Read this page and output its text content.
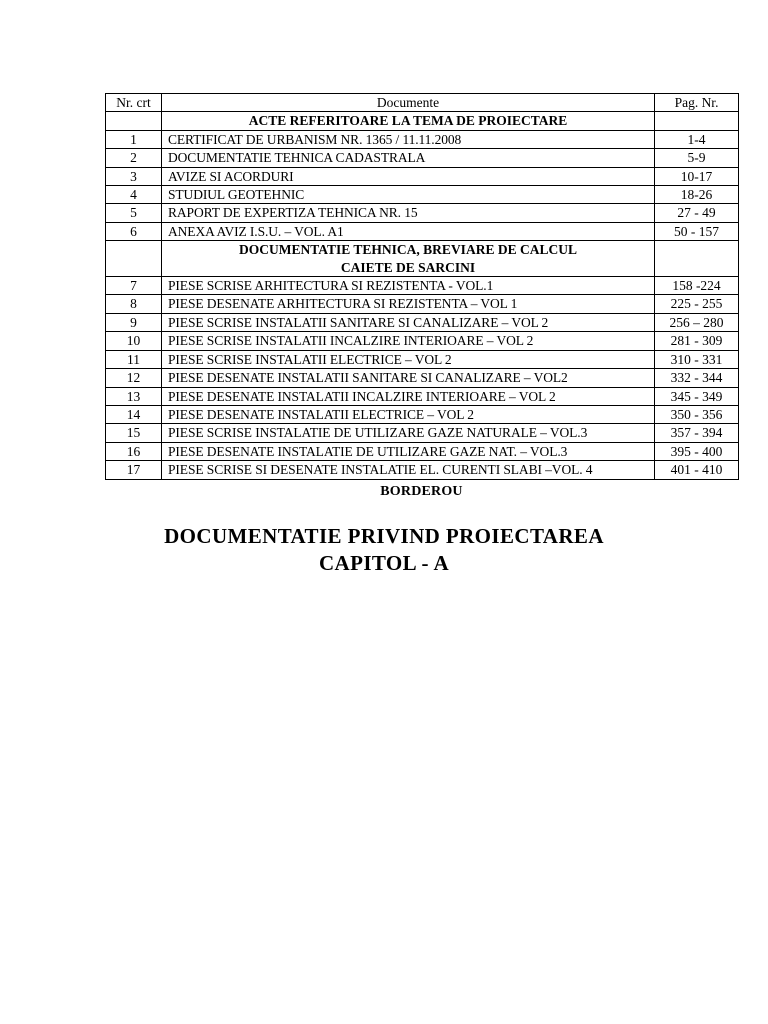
Nr. crt	Documente	Pag. Nr.
	ACTE REFERITOARE LA TEMA DE PROIECTARE	
1	CERTIFICAT DE URBANISM NR. 1365 / 11.11.2008	1-4
2	DOCUMENTATIE TEHNICA CADASTRALA	5-9
3	AVIZE SI ACORDURI	10-17
4	STUDIUL GEOTEHNIC	18-26
5	RAPORT DE EXPERTIZA TEHNICA NR. 15	27 - 49
6	ANEXA AVIZ I.S.U. – VOL. A1	50 - 157

	DOCUMENTATIE TEHNICA, BREVIARE DE CALCUL
CAIETE DE SARCINI	

7	PIESE SCRISE ARHITECTURA SI REZISTENTA - VOL.1	158 -224
8	PIESE DESENATE ARHITECTURA SI REZISTENTA – VOL 1	225 - 255
9	PIESE SCRISE INSTALATII SANITARE SI CANALIZARE – VOL 2	256 – 280
10	PIESE SCRISE INSTALATII INCALZIRE INTERIOARE – VOL 2	281 - 309
11	PIESE SCRISE INSTALATII ELECTRICE – VOL 2	310 - 331
12	PIESE DESENATE INSTALATII SANITARE SI CANALIZARE – VOL2	332 - 344
13	PIESE DESENATE INSTALATII INCALZIRE INTERIOARE – VOL 2	345 - 349
14	PIESE DESENATE INSTALATII ELECTRICE – VOL 2	350 - 356
15	PIESE SCRISE INSTALATIE DE UTILIZARE GAZE NATURALE – VOL.3	357 - 394
16	PIESE DESENATE INSTALATIE DE UTILIZARE GAZE NAT. – VOL.3	395 - 400
17	PIESE SCRISE SI DESENATE INSTALATIE EL. CURENTI SLABI –VOL. 4	401 - 410
BORDEROU
DOCUMENTATIE PRIVIND PROIECTAREA
CAPITOL - A
